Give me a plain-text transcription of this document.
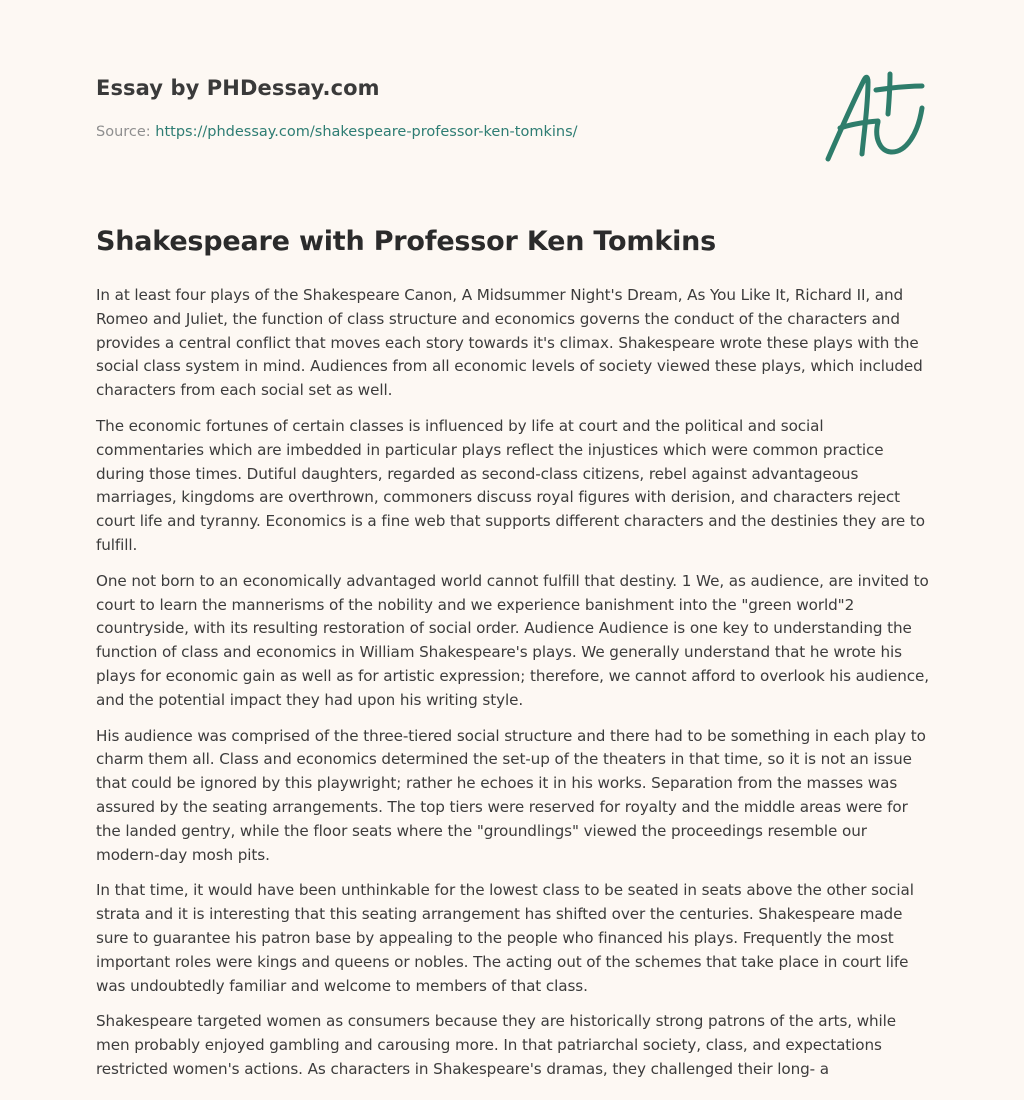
Essay by PHDessay.com
Source: https://phdessay.com/shakespeare-professor-ken-tomkins/
Shakespeare with Professor Ken Tomkins

In at least four plays of the Shakespeare Canon, A Midsummer Night's Dream, As You Like It, Richard II, and Romeo and Juliet, the function of class structure and economics governs the conduct of the characters and provides a central conflict that moves each story towards it's climax. Shakespeare wrote these plays with the social class system in mind. Audiences from all economic levels of society viewed these plays, which included characters from each social set as well.

The economic fortunes of certain classes is influenced by life at court and the political and social commentaries which are imbedded in particular plays reflect the injustices which were common practice during those times. Dutiful daughters, regarded as second-class citizens, rebel against advantageous marriages, kingdoms are overthrown, commoners discuss royal figures with derision, and characters reject court life and tyranny. Economics is a fine web that supports different characters and the destinies they are to fulfill.

One not born to an economically advantaged world cannot fulfill that destiny. 1 We, as audience, are invited to court to learn the mannerisms of the nobility and we experience banishment into the "green world"2 countryside, with its resulting restoration of social order. Audience Audience is one key to understanding the function of class and economics in William Shakespeare's plays. We generally understand that he wrote his plays for economic gain as well as for artistic expression; therefore, we cannot afford to overlook his audience, and the potential impact they had upon his writing style.

His audience was comprised of the three-tiered social structure and there had to be something in each play to charm them all. Class and economics determined the set-up of the theaters in that time, so it is not an issue that could be ignored by this playwright; rather he echoes it in his works. Separation from the masses was assured by the seating arrangements. The top tiers were reserved for royalty and the middle areas were for the landed gentry, while the floor seats where the "groundlings" viewed the proceedings resemble our modern-day mosh pits.

In that time, it would have been unthinkable for the lowest class to be seated in seats above the other social strata and it is interesting that this seating arrangement has shifted over the centuries. Shakespeare made sure to guarantee his patron base by appealing to the people who financed his plays. Frequently the most important roles were kings and queens or nobles. The acting out of the schemes that take place in court life was undoubtedly familiar and welcome to members of that class.

Shakespeare targeted women as consumers because they are historically strong patrons of the arts, while men probably enjoyed gambling and carousing more. In that patriarchal society, class, and expectations restricted women's actions. As characters in Shakespeare's dramas, they challenged their long- a
